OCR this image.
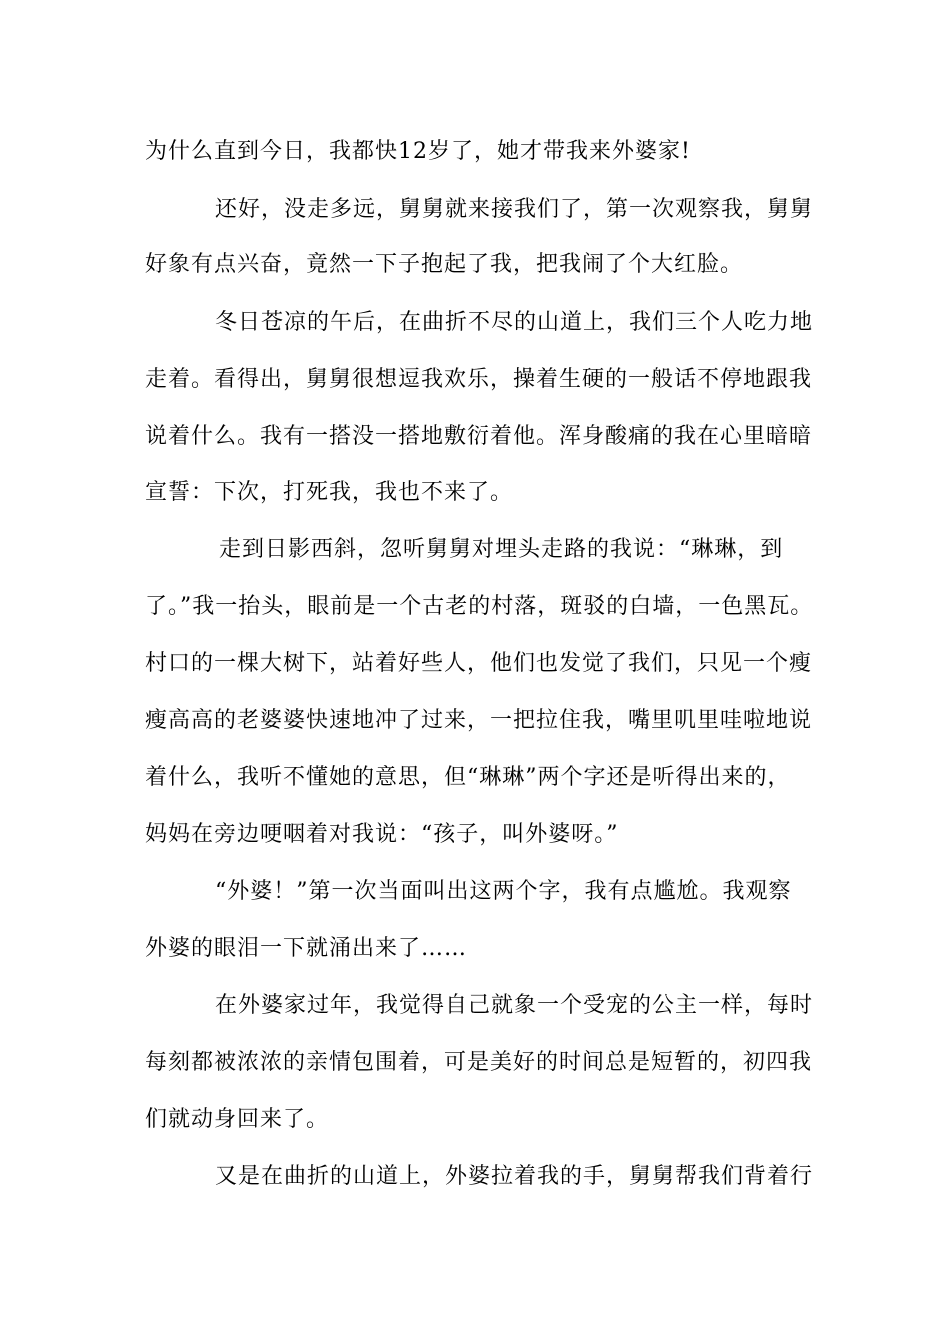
为什么直到今日，我都快12岁了，她才带我来外婆家!
还好，没走多远，舅舅就来接我们了，第一次观察我，舅舅
好象有点兴奋，竟然一下子抱起了我，把我闹了个大红脸。
冬日苍凉的午后，在曲折不尽的山道上，我们三个人吃力地
走着。看得出，舅舅很想逗我欢乐，操着生硬的一般话不停地跟我
说着什么。我有一搭没一搭地敷衍着他。浑身酸痛的我在心里暗暗
宣誓：下次，打死我，我也不来了。
走到日影西斜，忽听舅舅对埋头走路的我说：“琳琳，到
了。”我一抬头，眼前是一个古老的村落，斑驳的白墙，一色黑瓦。
村口的一棵大树下，站着好些人，他们也发觉了我们，只见一个瘦
瘦高高的老婆婆快速地冲了过来，一把拉住我，嘴里叽里哇啦地说
着什么，我听不懂她的意思，但“琳琳”两个字还是听得出来的，
妈妈在旁边哽咽着对我说：“孩子，叫外婆呀。”
“外婆！”第一次当面叫出这两个字，我有点尴尬。我观察
外婆的眼泪一下就涌出来了……
在外婆家过年，我觉得自己就象一个受宠的公主一样，每时
每刻都被浓浓的亲情包围着，可是美好的时间总是短暂的，初四我
们就动身回来了。
又是在曲折的山道上，外婆拉着我的手，舅舅帮我们背着行
